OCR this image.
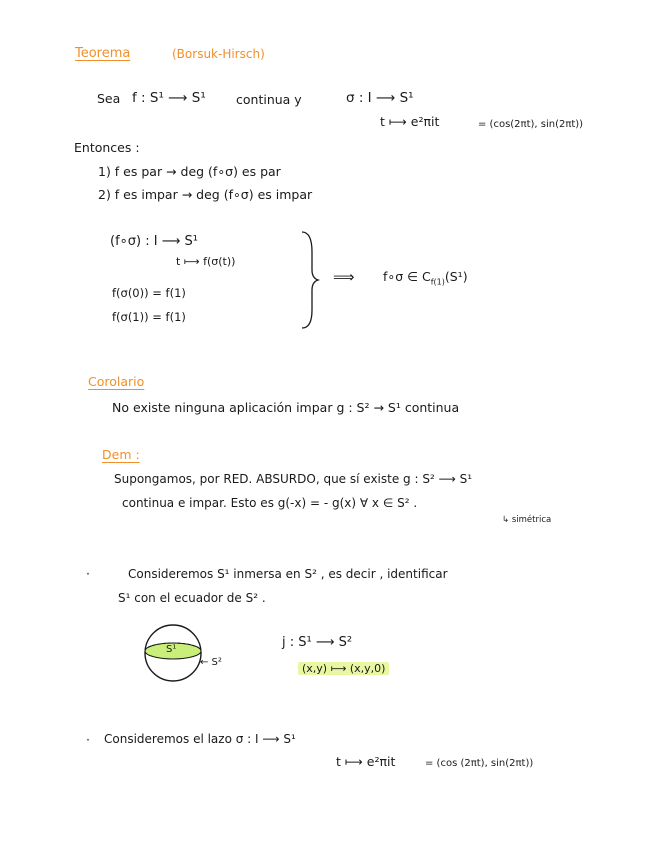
Teorema	(Borsuk-Hirsch)
Sea f : S¹ ⟶ S¹ continua y	σ : I ⟶ S¹
t ⟼ e²πit	= (cos(2πt), sin(2πt))
Entonces :
1) f es par → deg (f∘σ) es par
2) f es impar → deg (f∘σ) es impar
(f∘σ) : I ⟶ S¹
t ⟼ f(σ(t))
f(σ(0)) = f(1)
f(σ(1)) = f(1)
⟹ f∘σ ∈ $C_{f(1)}(S^1)$
Corolario
No existe ninguna aplicación impar g : S² → S¹ continua
Dem :
Supongamos, por RED. ABSURDO, que sí existe g : S² ⟶ S¹
continua e impar. Esto es g(-x) = - g(x) ∀ x ∈ S² .
↳ simétrica
·	Consideremos S¹ inmersa en S² , es decir , identificar
S¹ con el ecuador de S² .
S¹
← S²
j : S¹ ⟶ S²
(x,y) ⟼ (x,y,0)
· Consideremos el lazo σ : I ⟶ S¹
t ⟼ e²πit	= (cos (2πt), sin(2πt))
